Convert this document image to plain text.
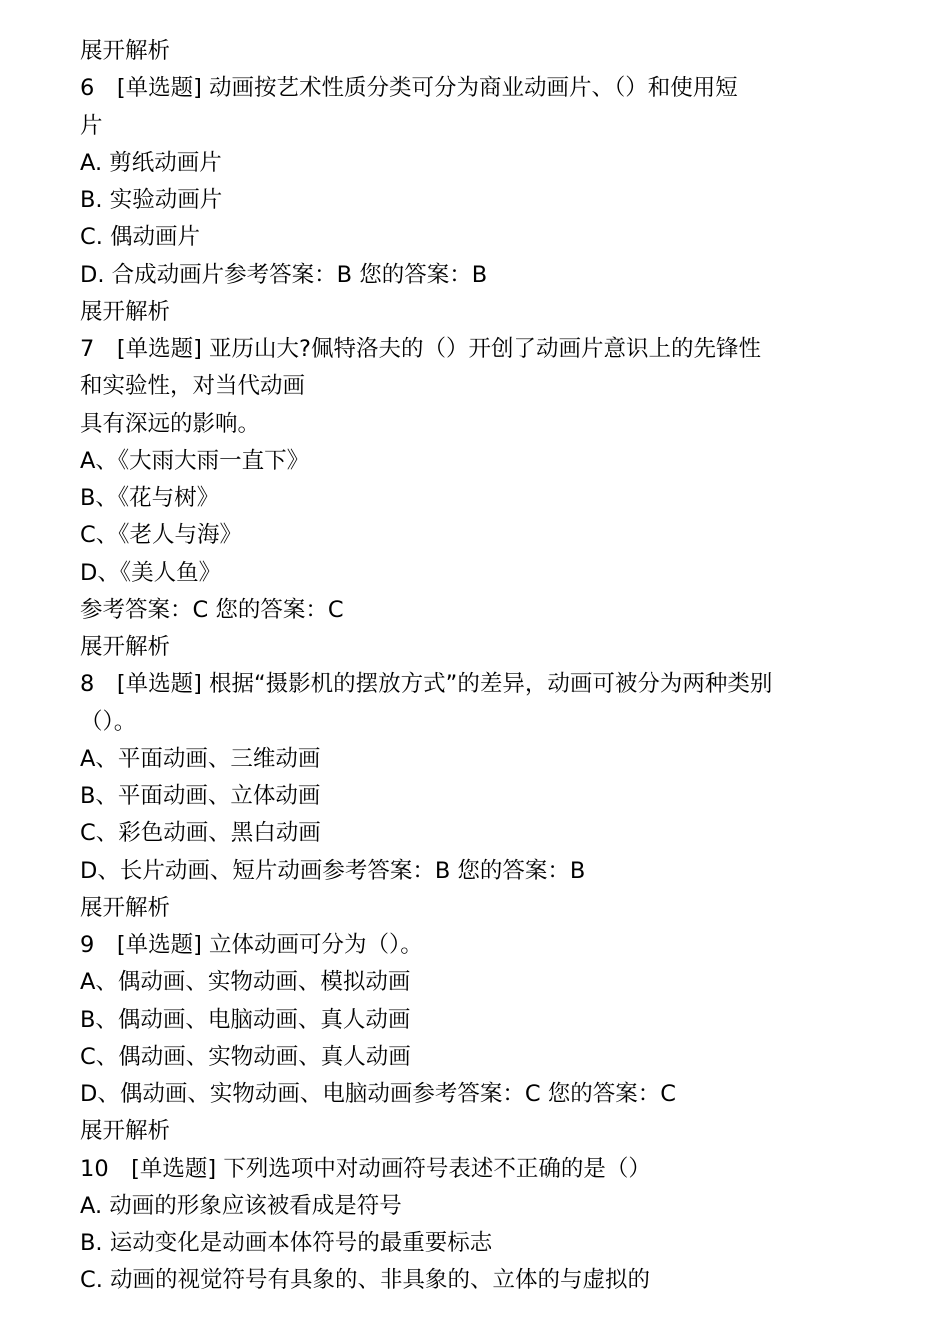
展开解析
6　[单选题] 动画按艺术性质分类可分为商业动画片、（）和使用短
片
A. 剪纸动画片
B. 实验动画片
C. 偶动画片
D. 合成动画片参考答案：B 您的答案：B
展开解析
7　[单选题] 亚历山大?佩特洛夫的（）开创了动画片意识上的先锋性
和实验性，对当代动画
具有深远的影响。
A、《大雨大雨一直下》
B、《花与树》
C、《老人与海》
D、《美人鱼》
参考答案：C 您的答案：C
展开解析
8　[单选题] 根据“摄影机的摆放方式”的差异，动画可被分为两种类别
（）。
A、平面动画、三维动画
B、平面动画、立体动画
C、彩色动画、黑白动画
D、长片动画、短片动画参考答案：B 您的答案：B
展开解析
9　[单选题] 立体动画可分为（）。
A、偶动画、实物动画、模拟动画
B、偶动画、电脑动画、真人动画
C、偶动画、实物动画、真人动画
D、偶动画、实物动画、电脑动画参考答案：C 您的答案：C
展开解析
10　[单选题] 下列选项中对动画符号表述不正确的是（）
A. 动画的形象应该被看成是符号
B. 运动变化是动画本体符号的最重要标志
C. 动画的视觉符号有具象的、非具象的、立体的与虚拟的
